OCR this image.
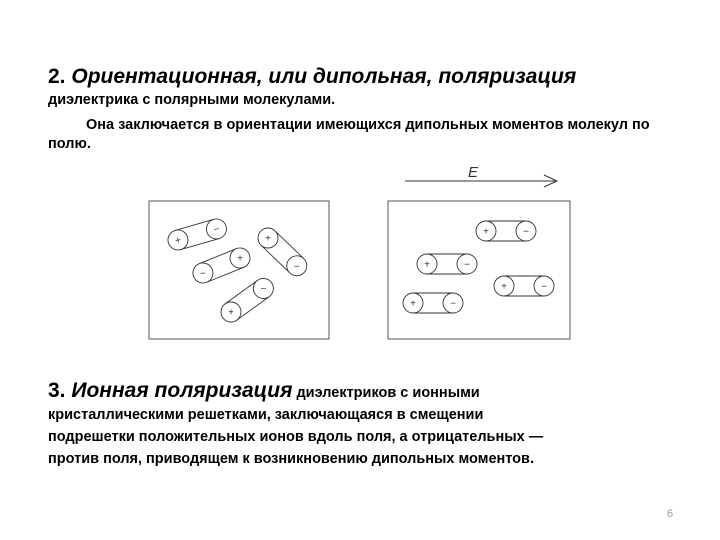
2. Ориентационная, или дипольная, поляризация
диэлектрика с полярными молекулами.
Она заключается в ориентации имеющихся дипольных моментов молекул по полю.
+
−
+
−
+
−
+
−
E
+	−
+	−
+	−
+	−
3. Ионная поляризация диэлектриков с ионными
кристаллическими решетками, заключающаяся в смещении
подрешетки положительных ионов вдоль поля, а отрицательных —
против поля, приводящем к возникновению дипольных моментов.
6
